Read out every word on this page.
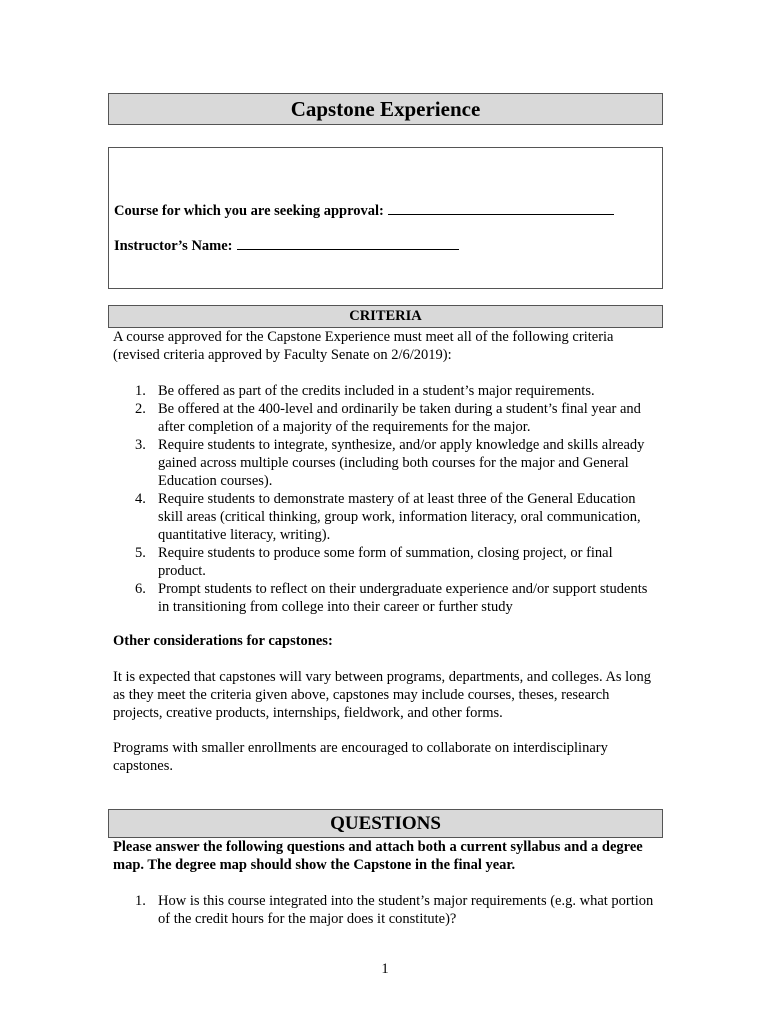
Capstone Experience
Course for which you are seeking approval:
Instructor’s Name:
CRITERIA
A course approved for the Capstone Experience must meet all of the following criteria (revised criteria approved by Faculty Senate on 2/6/2019):
1. Be offered as part of the credits included in a student’s major requirements.
2. Be offered at the 400-level and ordinarily be taken during a student’s final year and after completion of a majority of the requirements for the major.
3. Require students to integrate, synthesize, and/or apply knowledge and skills already gained across multiple courses (including both courses for the major and General Education courses).
4. Require students to demonstrate mastery of at least three of the General Education skill areas (critical thinking, group work, information literacy, oral communication, quantitative literacy, writing).
5. Require students to produce some form of summation, closing project, or final product.
6. Prompt students to reflect on their undergraduate experience and/or support students in transitioning from college into their career or further study
Other considerations for capstones:
It is expected that capstones will vary between programs, departments, and colleges. As long as they meet the criteria given above, capstones may include courses, theses, research projects, creative products, internships, fieldwork, and other forms.
Programs with smaller enrollments are encouraged to collaborate on interdisciplinary capstones.
QUESTIONS
Please answer the following questions and attach both a current syllabus and a degree map. The degree map should show the Capstone in the final year.
1. How is this course integrated into the student’s major requirements (e.g. what portion of the credit hours for the major does it constitute)?
1
